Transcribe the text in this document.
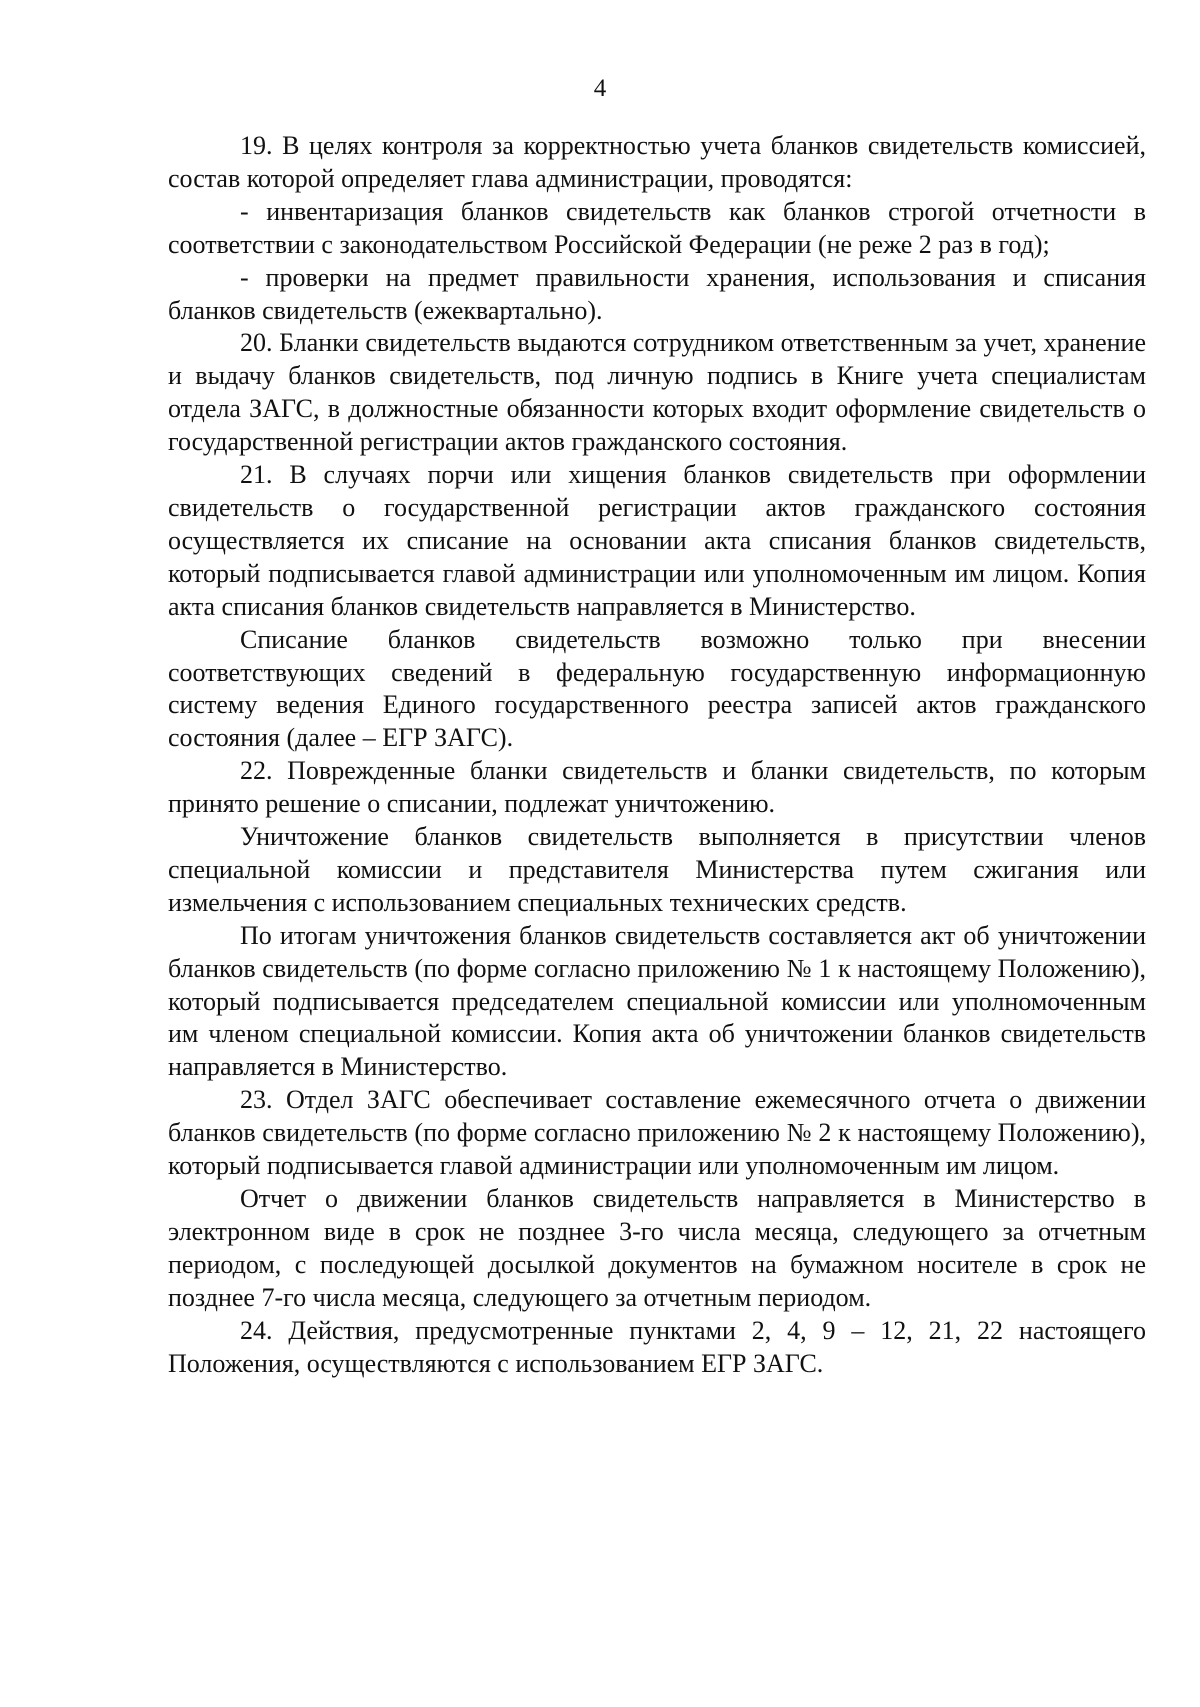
4

19. В целях контроля за корректностью учета бланков свидетельств комиссией, состав которой определяет глава администрации, проводятся:

- инвентаризация бланков свидетельств как бланков строгой отчетности в соответствии с законодательством Российской Федерации (не реже 2 раз в год);

- проверки на предмет правильности хранения, использования и списания бланков свидетельств (ежеквартально).

20. Бланки свидетельств выдаются сотрудником ответственным за учет, хранение и выдачу бланков свидетельств, под личную подпись в Книге учета специалистам отдела ЗАГС, в должностные обязанности которых входит оформление свидетельств о государственной регистрации актов гражданского состояния.

21. В случаях порчи или хищения бланков свидетельств при оформлении свидетельств о государственной регистрации актов гражданского состояния осуществляется их списание на основании акта списания бланков свидетельств, который подписывается главой администрации или уполномоченным им лицом. Копия акта списания бланков свидетельств направляется в Министерство.

Списание бланков свидетельств возможно только при внесении соответствующих сведений в федеральную государственную информационную систему ведения Единого государственного реестра записей актов гражданского состояния (далее – ЕГР ЗАГС).

22. Поврежденные бланки свидетельств и бланки свидетельств, по которым принято решение о списании, подлежат уничтожению.

Уничтожение бланков свидетельств выполняется в присутствии членов специальной комиссии и представителя Министерства путем сжигания или измельчения с использованием специальных технических средств.

По итогам уничтожения бланков свидетельств составляется акт об уничтожении бланков свидетельств (по форме согласно приложению № 1 к настоящему Положению), который подписывается председателем специальной комиссии или уполномоченным им членом специальной комиссии. Копия акта об уничтожении бланков свидетельств направляется в Министерство.

23. Отдел ЗАГС обеспечивает составление ежемесячного отчета о движении бланков свидетельств (по форме согласно приложению № 2 к настоящему Положению), который подписывается главой администрации или уполномоченным им лицом.

Отчет о движении бланков свидетельств направляется в Министерство в электронном виде в срок не позднее 3-го числа месяца, следующего за отчетным периодом, с последующей досылкой документов на бумажном носителе в срок не позднее 7-го числа месяца, следующего за отчетным периодом.

24. Действия, предусмотренные пунктами 2, 4, 9 – 12, 21, 22 настоящего Положения, осуществляются с использованием ЕГР ЗАГС.
